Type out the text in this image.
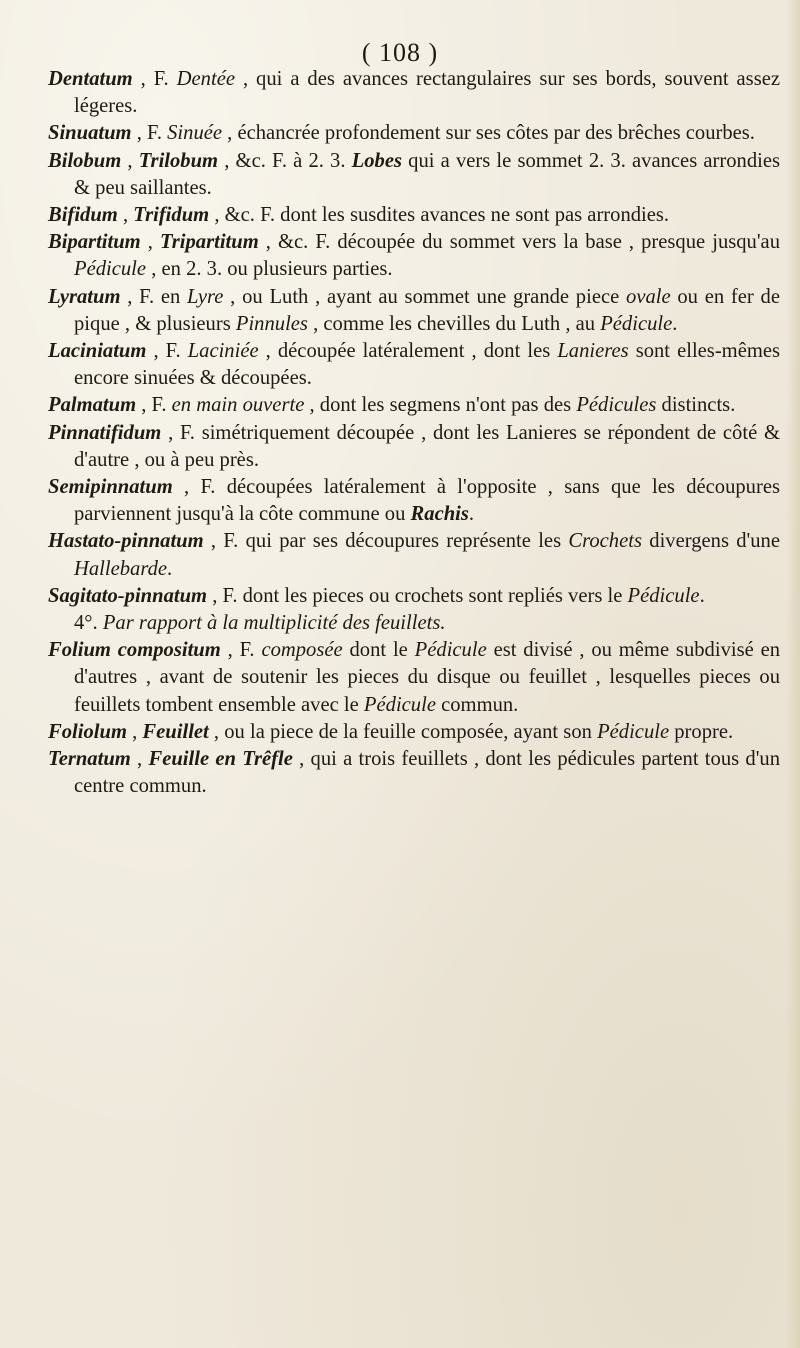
( 108 )

Dentatum , F. Dentée , qui a des avances rectangulaires sur ses bords, souvent assez légeres.

Sinuatum , F. Sinuée , échancrée profondement sur ses côtes par des brêches courbes.

Bilobum , Trilobum , &c. F. à 2. 3. Lobes qui a vers le sommet 2. 3. avances arrondies & peu saillantes.

Bifidum , Trifidum , &c. F. dont les susdites avances ne sont pas arrondies.

Bipartitum , Tripartitum , &c. F. découpée du sommet vers la base , presque jusqu'au Pédicule , en 2. 3. ou plusieurs parties.

Lyratum , F. en Lyre , ou Luth , ayant au sommet une grande piece ovale ou en fer de pique , & plusieurs Pinnules , comme les chevilles du Luth , au Pédicule.

Laciniatum , F. Laciniée , découpée latéralement , dont les Lanieres sont elles-mêmes encore sinuées & découpées.

Palmatum , F. en main ouverte , dont les segmens n'ont pas des Pédicules distincts.

Pinnatifidum , F. simétriquement découpée , dont les Lanieres se répondent de côté & d'autre , ou à peu près.

Semipinnatum , F. découpées latéralement à l'opposite , sans que les découpures parviennent jusqu'à la côte commune ou Rachis.

Hastato-pinnatum , F. qui par ses découpures représente les Crochets divergens d'une Hallebarde.

Sagitato-pinnatum , F. dont les pieces ou crochets sont repliés vers le Pédicule.

4°. Par rapport à la multiplicité des feuillets.

Folium compositum , F. composée dont le Pédicule est divisé , ou même subdivisé en d'autres , avant de soutenir les pieces du disque ou feuillet , lesquelles pieces ou feuillets tombent ensemble avec le Pédicule commun.

Foliolum , Feuillet , ou la piece de la feuille composée, ayant son Pédicule propre.

Ternatum , Feuille en Trêfle , qui a trois feuillets , dont les pédicules partent tous d'un centre commun.
